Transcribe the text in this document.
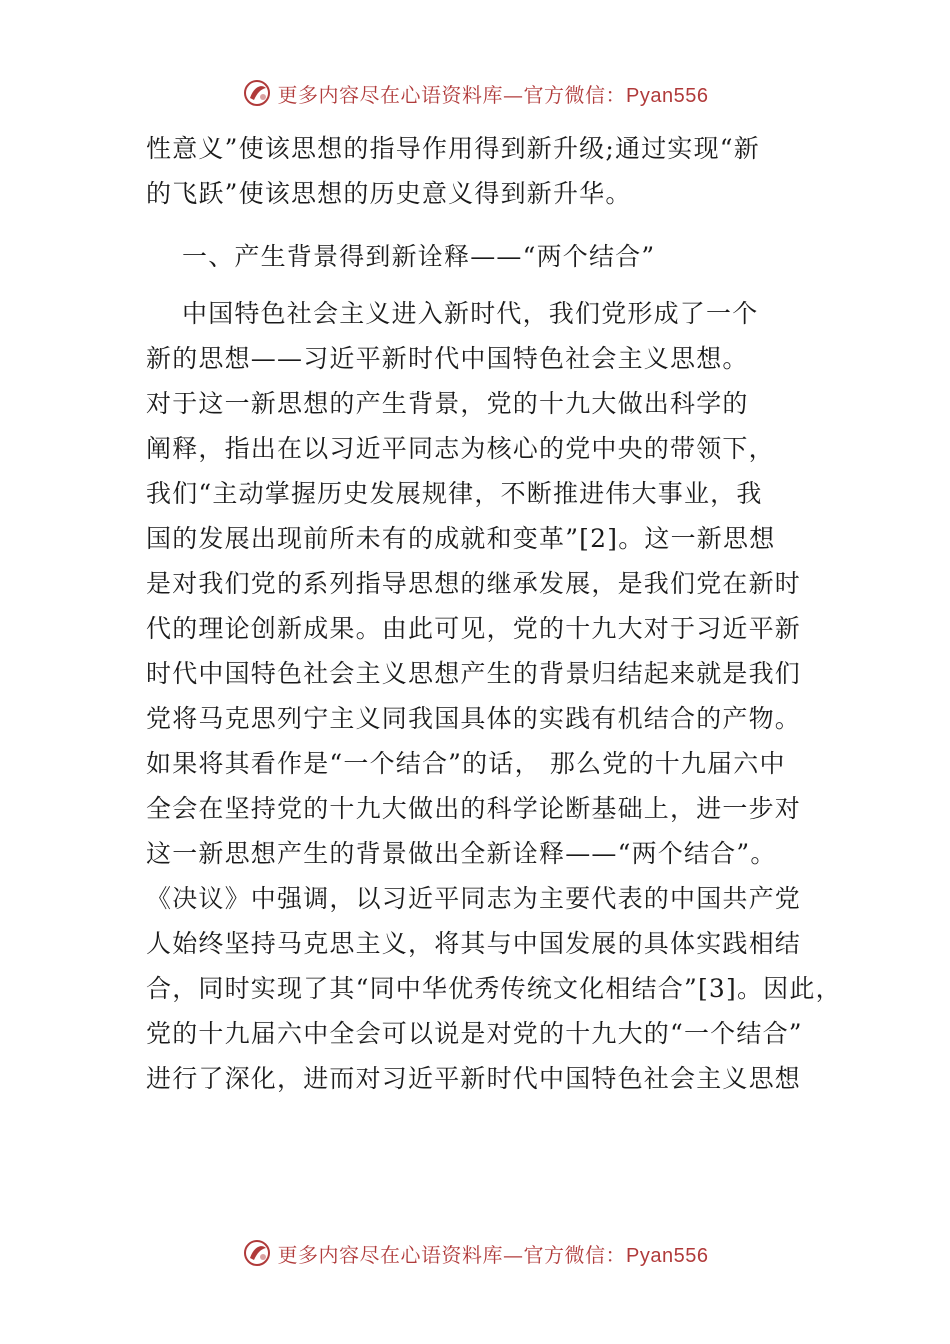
更多内容尽在心语资料库—官方微信：Pyan556
性意义”使该思想的指导作用得到新升级;通过实现“新
的飞跃”使该思想的历史意义得到新升华。
一、产生背景得到新诠释——“两个结合”
中国特色社会主义进入新时代，我们党形成了一个
新的思想——习近平新时代中国特色社会主义思想。
对于这一新思想的产生背景，党的十九大做出科学的
阐释，指出在以习近平同志为核心的党中央的带领下，
我们“主动掌握历史发展规律，不断推进伟大事业，我
国的发展出现前所未有的成就和变革”[2]。这一新思想
是对我们党的系列指导思想的继承发展，是我们党在新时
代的理论创新成果。由此可见，党的十九大对于习近平新
时代中国特色社会主义思想产生的背景归结起来就是我们
党将马克思列宁主义同我国具体的实践有机结合的产物。
如果将其看作是“一个结合”的话， 那么党的十九届六中
全会在坚持党的十九大做出的科学论断基础上，进一步对
这一新思想产生的背景做出全新诠释——“两个结合”。
《决议》中强调，以习近平同志为主要代表的中国共产党
人始终坚持马克思主义，将其与中国发展的具体实践相结
合，同时实现了其“同中华优秀传统文化相结合”[3]。因此，
党的十九届六中全会可以说是对党的十九大的“一个结合”
进行了深化，进而对习近平新时代中国特色社会主义思想
更多内容尽在心语资料库—官方微信：Pyan556
